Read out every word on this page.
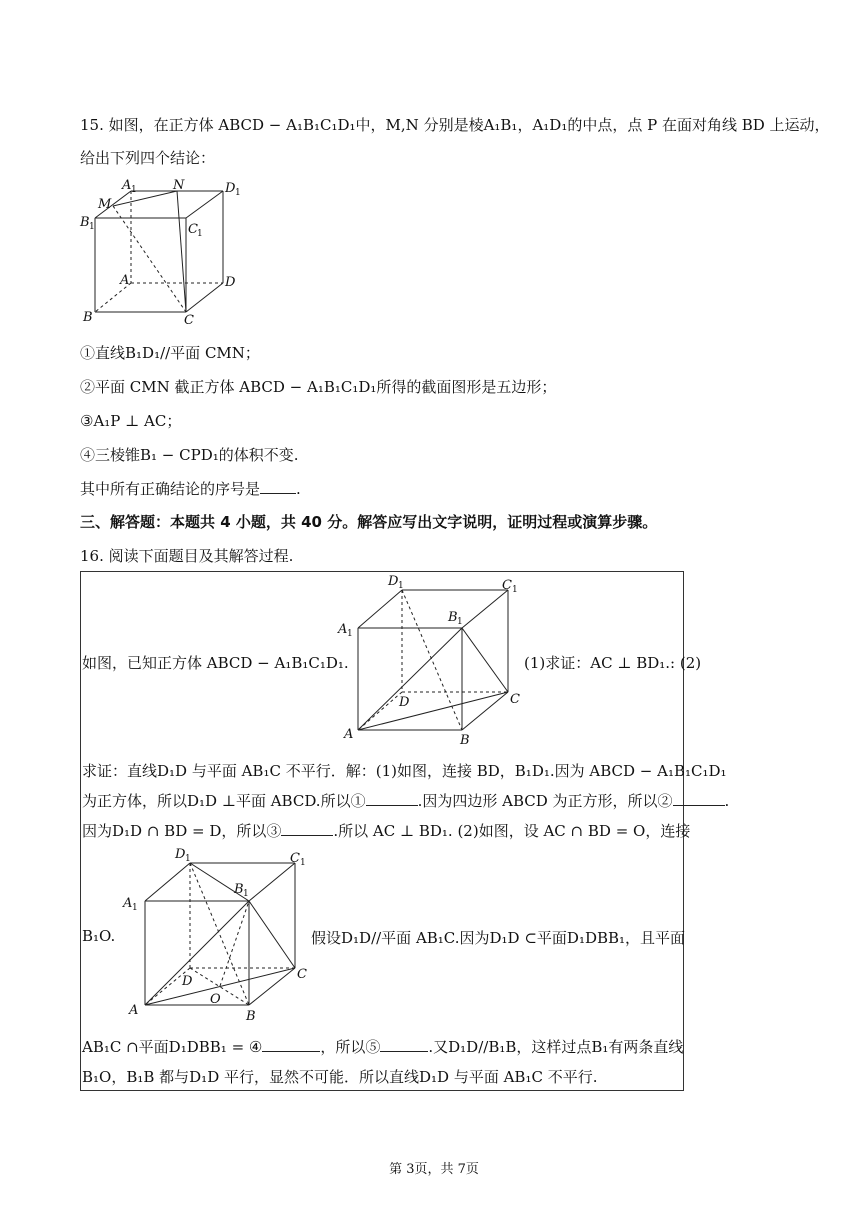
15. 如图，在正方体 ABCD − A₁B₁C₁D₁中，M,N 分别是棱A₁B₁，A₁D₁的中点，点 P 在面对角线 BD 上运动，
给出下列四个结论：
A 1	N	D 1
M
B 1	C 1
A	D
B	C
①直线B₁D₁//平面 CMN；
②平面 CMN 截正方体 ABCD − A₁B₁C₁D₁所得的截面图形是五边形；
③A₁P ⊥ AC；
④三棱锥B₁ − CPD₁的体积不变.
其中所有正确结论的序号是 .
三、解答题：本题共 4 小题，共 40 分。解答应写出文字说明，证明过程或演算步骤。
16. 阅读下面题目及其解答过程.
D 1	C 1
A 1
B 1
D	C
A	B
如图，已知正方体 ABCD − A₁B₁C₁D₁.	(1)求证：AC ⊥ BD₁.: (2)
求证：直线D₁D 与平面 AB₁C 不平行．解：(1)如图，连接 BD，B₁D₁.因为 ABCD − A₁B₁C₁D₁
为正方体，所以D₁D ⊥平面 ABCD.所以①	.因为四边形 ABCD 为正方形，所以②	.
因为D₁D ∩ BD = D，所以③	.所以 AC ⊥ BD₁. (2)如图，设 AC ∩ BD = O，连接
D 1	C 1
B 1
A 1
D	C
O
A	B
B₁O.	假设D₁D//平面 AB₁C.因为D₁D ⊂平面D₁DBB₁，且平面
AB₁C ∩平面D₁DBB₁ = ④	，所以⑤	.又D₁D//B₁B，这样过点B₁有两条直线
B₁O，B₁B 都与D₁D 平行，显然不可能．所以直线D₁D 与平面 AB₁C 不平行.
第 3页，共 7页
